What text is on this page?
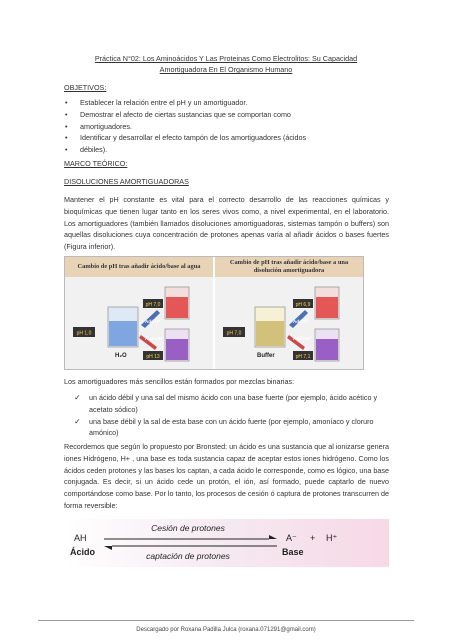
Práctica N°02: Los Aminoácidos Y Las Proteinas Como Electrolitos: Su Capacidad
Amortiguadora En El Organismo Humano
OBJETIVOS:
• Establecer la relación entre el pH y un amortiguador.
• Demostrar el afecto de ciertas sustancias que se comportan como
• amortiguadores.
• Identificar y desarrollar el efecto tampón de los amortiguadores (ácidos
• débiles).
MARCO TEÓRICO:
DISOLUCIONES AMORTIGUADORAS

Mantener el pH constante es vital para el correcto desarrollo de las reacciones químicas y bioquímicas que tienen lugar tanto en los seres vivos como, a nivel experimental, en el laboratorio. Los amortiguadores (también llamados disoluciones amortiguadoras, sistemas tampón o buffers) son aquellas disoluciones cuya concentración de protones apenas varía al añadir ácidos o bases fuertes (Figura inferior).

Cambio de pH tras añadir ácido/base al agua
Cambio de pH tras añadir ácido/base a una
disolución amortiguadora
pH 7,0
pH 1,0
pH 13
Add H⁺
Add OH⁻
H₂O
pH 6,9
pH 7,0
pH 7,1
Add H⁺
Add OH⁻
Buffer

Los amortiguadores más sencillos están formados por mezclas binarias:

✓ un ácido débil y una sal del mismo ácido con una base fuerte (por ejemplo, ácido acético y acetato sódico)
✓ una base débil y la sal de esta base con un ácido fuerte (por ejemplo, amoníaco y cloruro amónico)

Recordemos que según lo propuesto por Bronsted: un ácido es una sustancia que al ionizarse genera iones Hidrógeno, H+ , una base es toda sustancia capaz de aceptar estos iones hidrógeno. Como los ácidos ceden protones y las bases los captan, a cada ácido le corresponde, como es lógico, una base conjugada. Es decir, si un ácido cede un protón, el ión, así formado, puede captarlo de nuevo comportándose como base. Por lo tanto, los procesos de cesión ó captura de protones transcurren de forma reversible:

AH
Ácido
Cesión de protones
captación de protones
A⁻ + H⁺
Base
Descargado por Roxana Padilla Julca (roxana.071291@gmail.com)
